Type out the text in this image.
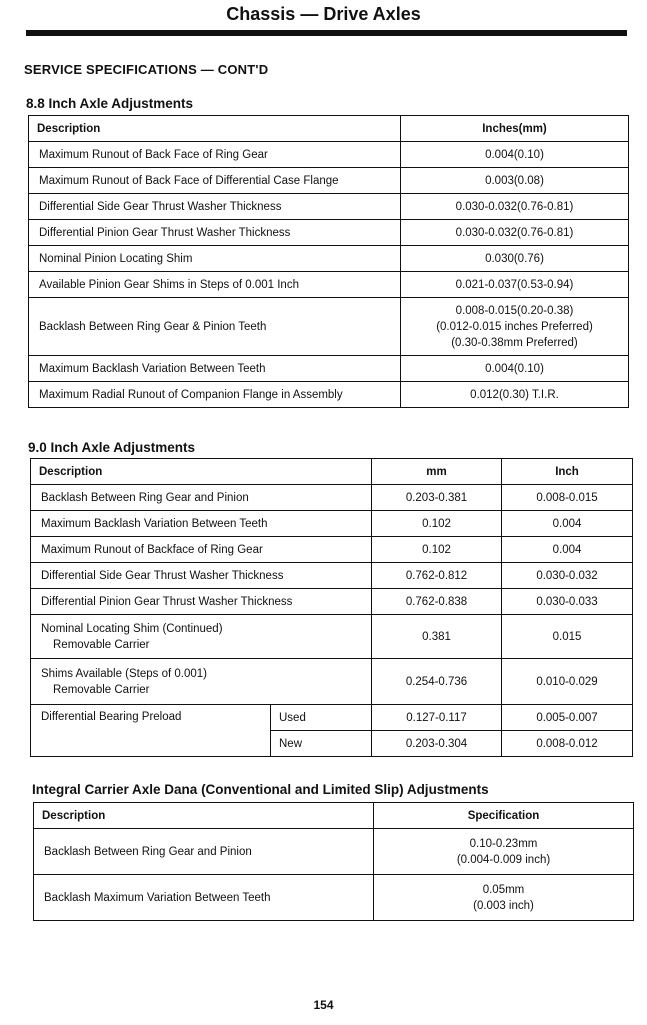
Chassis — Drive Axles
SERVICE SPECIFICATIONS — CONT'D
8.8 Inch Axle Adjustments
Description	Inches(mm)
Maximum Runout of Back Face of Ring Gear	0.004(0.10)
Maximum Runout of Back Face of Differential Case Flange	0.003(0.08)
Differential Side Gear Thrust Washer Thickness	0.030-0.032(0.76-0.81)
Differential Pinion Gear Thrust Washer Thickness	0.030-0.032(0.76-0.81)
Nominal Pinion Locating Shim	0.030(0.76)
Available Pinion Gear Shims in Steps of 0.001 Inch	0.021-0.037(0.53-0.94)
Backlash Between Ring Gear & Pinion Teeth	0.008-0.015(0.20-0.38)
(0.012-0.015 inches Preferred)
(0.30-0.38mm Preferred)

Maximum Backlash Variation Between Teeth	0.004(0.10)
Maximum Radial Runout of Companion Flange in Assembly	0.012(0.30) T.I.R.
9.0 Inch Axle Adjustments
Description		mm	Inch
Backlash Between Ring Gear and Pinion		0.203-0.381	0.008-0.015
Maximum Backlash Variation Between Teeth		0.102	0.004
Maximum Runout of Backface of Ring Gear		0.102	0.004
Differential Side Gear Thrust Washer Thickness		0.762-0.812	0.030-0.032
Differential Pinion Gear Thrust Washer Thickness		0.762-0.838	0.030-0.033
Nominal Locating Shim (Continued)
Removable Carrier		0.381	0.015
Shims Available (Steps of 0.001)
Removable Carrier		0.254-0.736	0.010-0.029
Differential Bearing Preload	Used	0.127-0.117	0.005-0.007
	New	0.203-0.304	0.008-0.012
Integral Carrier Axle Dana (Conventional and Limited Slip) Adjustments
Description	Specification
Backlash Between Ring Gear and Pinion	0.10-0.23mm
(0.004-0.009 inch)

Backlash Maximum Variation Between Teeth	0.05mm
(0.003 inch)
154
